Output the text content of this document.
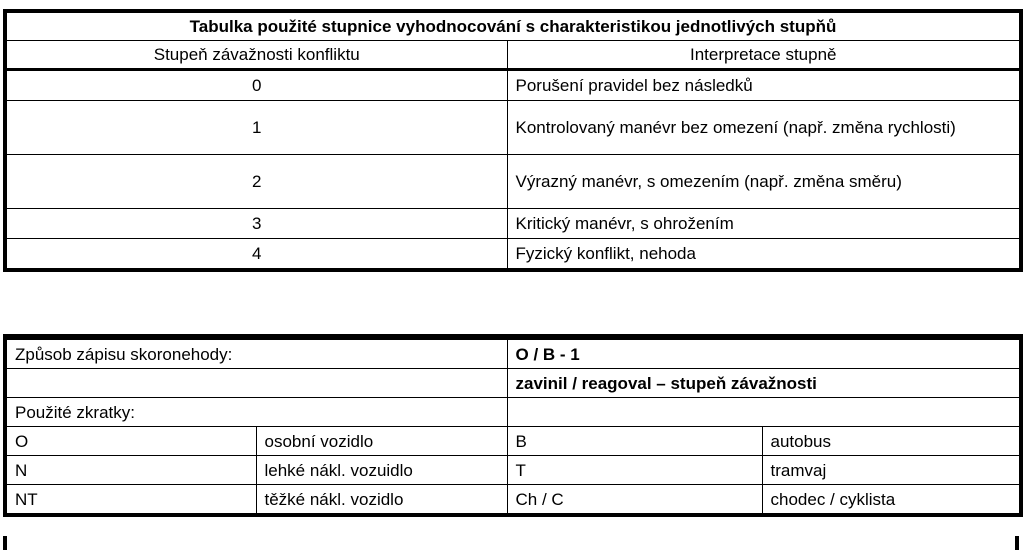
Tabulka použité stupnice vyhodnocování s charakteristikou jednotlivých stupňů	
Stupeň závažnosti konfliktu	Interpretace stupně
0	Porušení pravidel bez následků
1	Kontrolovaný manévr bez omezení (např. změna rychlosti)
2	Výrazný manévr, s omezením (např. změna směru)
3	Kritický manévr, s ohrožením
4	Fyzický konflikt, nehoda
Způsob zápisu skoronehody:		O / B - 1	
		zavinil / reagoval – stupeň závažnosti	
Použité zkratky:			
O	osobní vozidlo	B	autobus
N	lehké nákl. vozuidlo	T	tramvaj
NT	těžké nákl. vozidlo	Ch / C	chodec / cyklista
